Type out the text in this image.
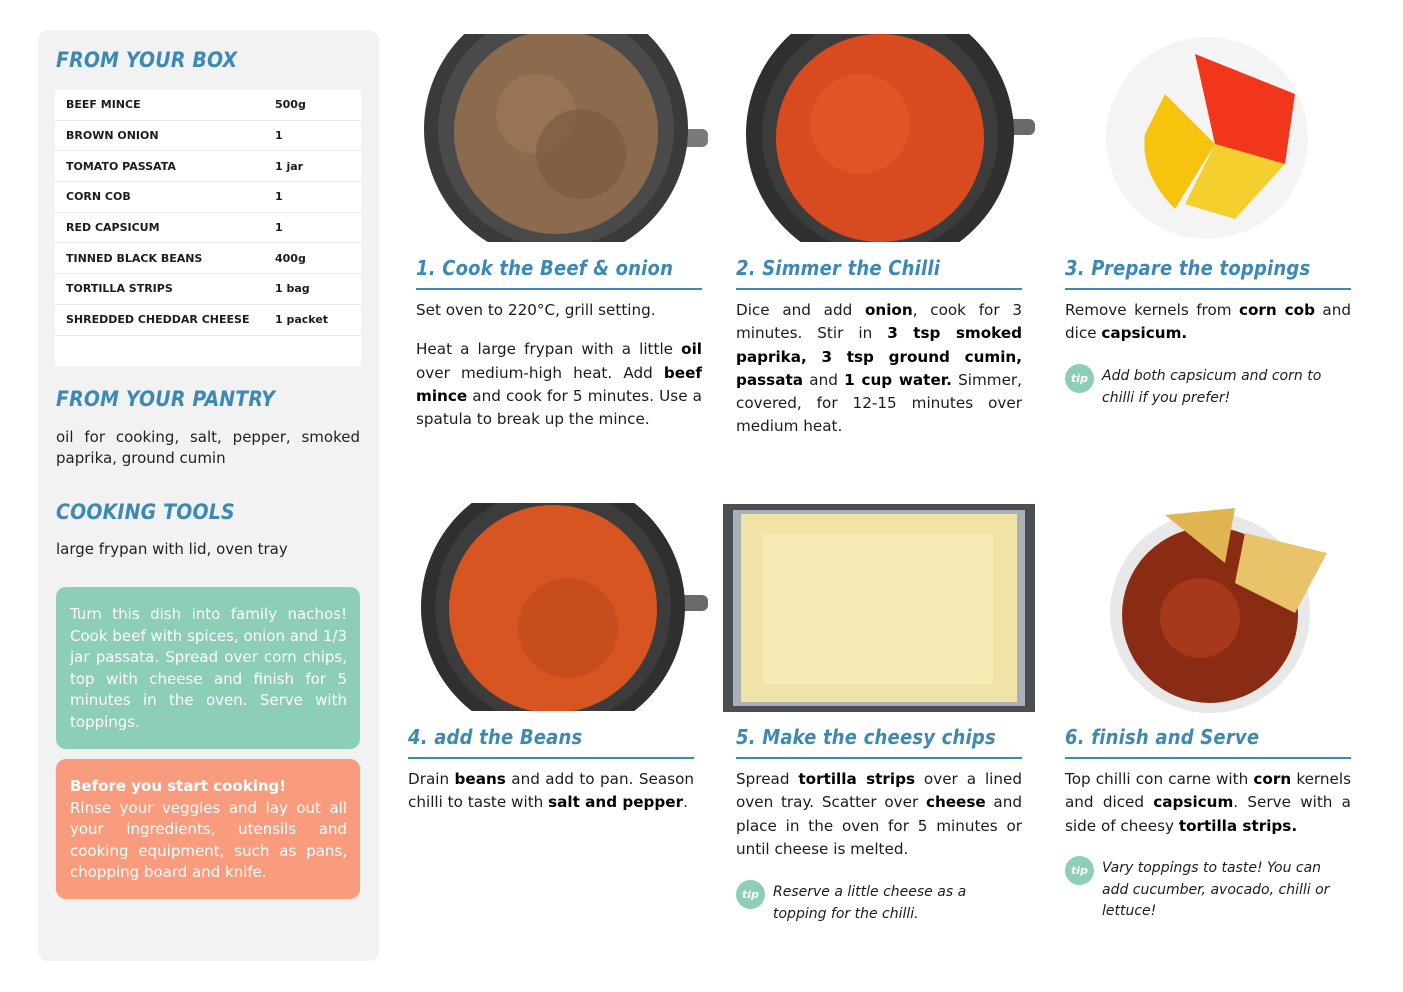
FROM YOUR BOX
BEEF MINCE	500g
BROWN ONION	1
TOMATO PASSATA	1 jar
CORN COB	1
RED CAPSICUM	1
TINNED BLACK BEANS	400g
TORTILLA STRIPS	1 bag
SHREDDED CHEDDAR CHEESE	1 packet
FROM YOUR PANTRY
oil for cooking, salt, pepper, smoked paprika, ground cumin
COOKING TOOLS
large frypan with lid, oven tray
Turn this dish into family nachos! Cook beef with spices, onion and 1/3 jar passata. Spread over corn chips, top with cheese and finish for 5 minutes in the oven. Serve with toppings.
Before you start cooking!
Rinse your veggies and lay out all your ingredients, utensils and cooking equipment, such as pans, chopping board and knife.
1. Cook the Beef & onion

Set oven to 220°C, grill setting.

Heat a large frypan with a little oil over medium-high heat. Add beef mince and cook for 5 minutes. Use a spatula to break up the mince.

2. Simmer the Chilli

Dice and add onion, cook for 3 minutes. Stir in 3 tsp smoked paprika, 3 tsp ground cumin, passata and 1 cup water. Simmer, covered, for 12-15 minutes over medium heat.

3. Prepare the toppings

Remove kernels from corn cob and dice capsicum.

tip	Add both capsicum and corn to chilli if you prefer!
4. add the Beans

Drain beans and add to pan. Season chilli to taste with salt and pepper.

5. Make the cheesy chips

Spread tortilla strips over a lined oven tray. Scatter over cheese and place in the oven for 5 minutes or until cheese is melted.

tip	Reserve a little cheese as a topping for the chilli.
6. finish and Serve

Top chilli con carne with corn kernels and diced capsicum. Serve with a side of cheesy tortilla strips.

tip	Vary toppings to taste! You can add cucumber, avocado, chilli or lettuce!
